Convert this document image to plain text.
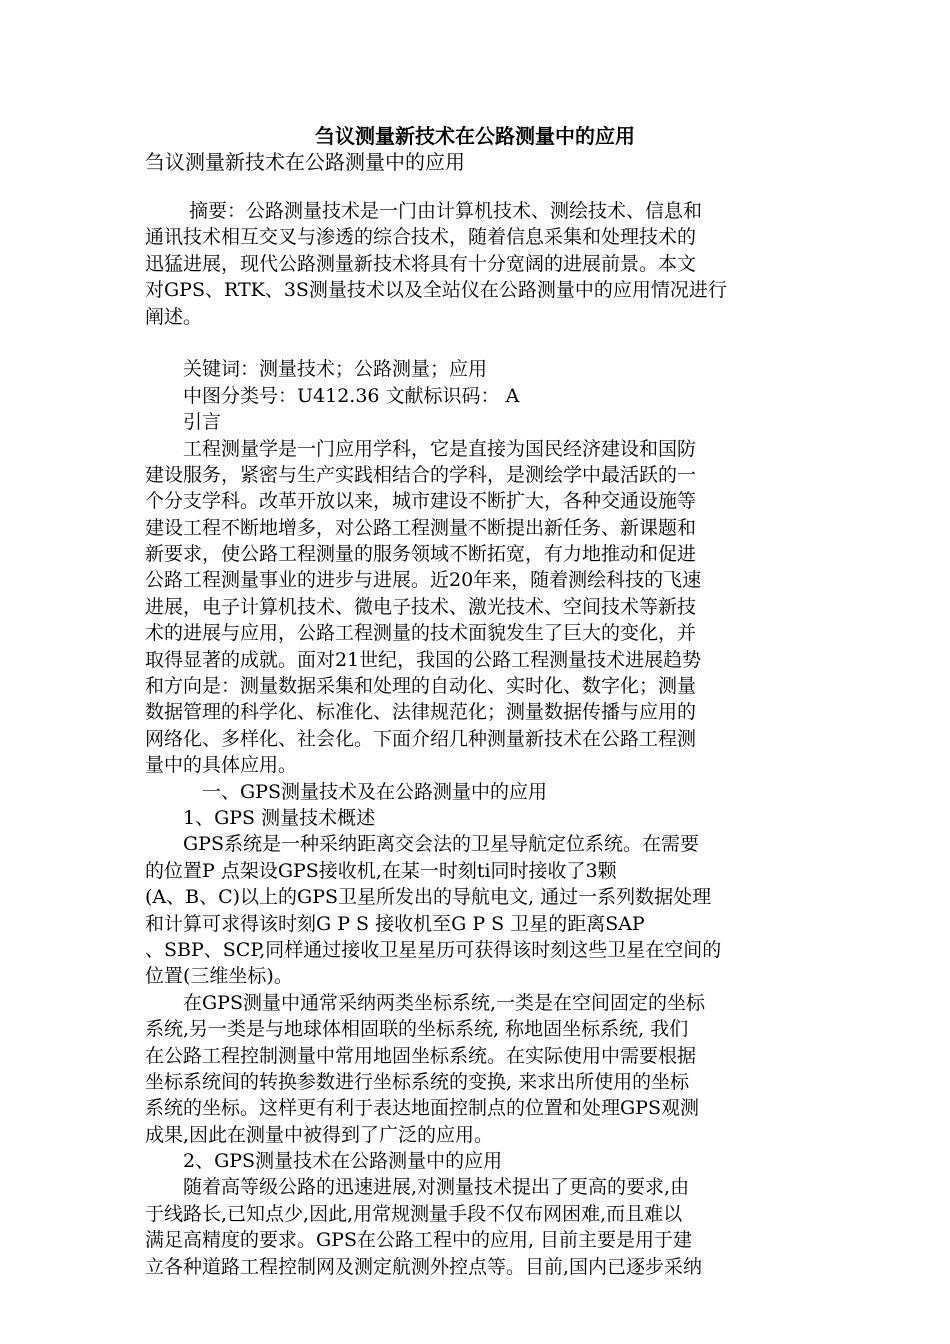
刍议测量新技术在公路测量中的应用
刍议测量新技术在公路测量中的应用
　　 摘要：公路测量技术是一门由计算机技术、测绘技术、信息和
通讯技术相互交叉与渗透的综合技术，随着信息采集和处理技术的
迅猛进展，现代公路测量新技术将具有十分宽阔的进展前景。本文
对GPS、RTK、3S测量技术以及全站仪在公路测量中的应用情况进行
阐述。
　　关键词：测量技术；公路测量；应用
　　中图分类号：U412.36 文献标识码： A
　　引言
　　工程测量学是一门应用学科，它是直接为国民经济建设和国防
建设服务，紧密与生产实践相结合的学科，是测绘学中最活跃的一
个分支学科。改革开放以来，城市建设不断扩大，各种交通设施等
建设工程不断地增多，对公路工程测量不断提出新任务、新课题和
新要求，使公路工程测量的服务领域不断拓宽，有力地推动和促进
公路工程测量事业的进步与进展。近20年来，随着测绘科技的飞速
进展，电子计算机技术、微电子技术、激光技术、空间技术等新技
术的进展与应用，公路工程测量的技术面貌发生了巨大的变化，并
取得显著的成就。面对21世纪，我国的公路工程测量技术进展趋势
和方向是：测量数据采集和处理的自动化、实时化、数字化；测量
数据管理的科学化、标准化、法律规范化；测量数据传播与应用的
网络化、多样化、社会化。下面介绍几种测量新技术在公路工程测
量中的具体应用。
　　　一、GPS测量技术及在公路测量中的应用
　　1、GPS 测量技术概述
　　GPS系统是一种采纳距离交会法的卫星导航定位系统。在需要
的位置P 点架设GPS接收机,在某一时刻ti同时接收了3颗
(A、B、C)以上的GPS卫星所发出的导航电文, 通过一系列数据处理
和计算可求得该时刻G P S 接收机至G P S 卫星的距离SAP
、SBP、SCP,同样通过接收卫星星历可获得该时刻这些卫星在空间的
位置(三维坐标)。
　　在GPS测量中通常采纳两类坐标系统,一类是在空间固定的坐标
系统,另一类是与地球体相固联的坐标系统, 称地固坐标系统, 我们
在公路工程控制测量中常用地固坐标系统。在实际使用中需要根据
坐标系统间的转换参数进行坐标系统的变换, 来求出所使用的坐标
系统的坐标。这样更有利于表达地面控制点的位置和处理GPS观测
成果,因此在测量中被得到了广泛的应用。
　　2、GPS测量技术在公路测量中的应用
　　随着高等级公路的迅速进展,对测量技术提出了更高的要求,由
于线路长,已知点少,因此,用常规测量手段不仅布网困难,而且难以
满足高精度的要求。GPS在公路工程中的应用, 目前主要是用于建
立各种道路工程控制网及测定航测外控点等。目前,国内已逐步采纳
